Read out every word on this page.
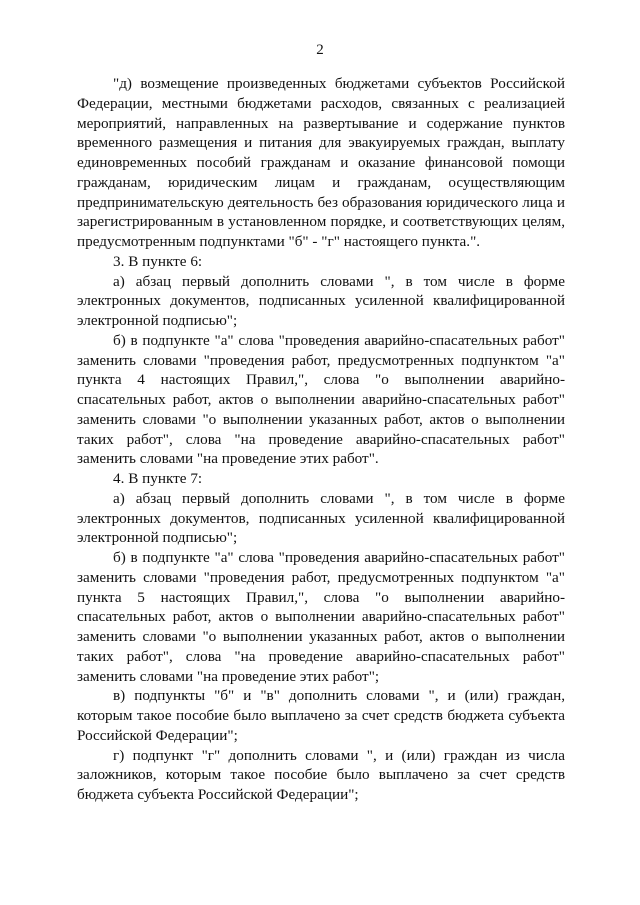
2

"д) возмещение произведенных бюджетами субъектов Российской Федерации, местными бюджетами расходов, связанных с реализацией мероприятий, направленных на развертывание и содержание пунктов временного размещения и питания для эвакуируемых граждан, выплату единовременных пособий гражданам и оказание финансовой помощи гражданам, юридическим лицам и гражданам, осуществляющим предпринимательскую деятельность без образования юридического лица и зарегистрированным в установленном порядке, и соответствующих целям, предусмотренным подпунктами "б" - "г" настоящего пункта.".

3. В пункте 6:

а) абзац первый дополнить словами ", в том числе в форме электронных документов, подписанных усиленной квалифицированной электронной подписью";

б) в подпункте "а" слова "проведения аварийно-спасательных работ" заменить словами "проведения работ, предусмотренных подпунктом "а" пункта 4 настоящих Правил,", слова "о выполнении аварийно-спасательных работ, актов о выполнении аварийно-спасательных работ" заменить словами "о выполнении указанных работ, актов о выполнении таких работ", слова "на проведение аварийно-спасательных работ" заменить словами "на проведение этих работ".

4. В пункте 7:

а) абзац первый дополнить словами ", в том числе в форме электронных документов, подписанных усиленной квалифицированной электронной подписью";

б) в подпункте "а" слова "проведения аварийно-спасательных работ" заменить словами "проведения работ, предусмотренных подпунктом "а" пункта 5 настоящих Правил,", слова "о выполнении аварийно-спасательных работ, актов о выполнении аварийно-спасательных работ" заменить словами "о выполнении указанных работ, актов о выполнении таких работ", слова "на проведение аварийно-спасательных работ" заменить словами "на проведение этих работ";

в) подпункты "б" и "в" дополнить словами ", и (или) граждан, которым такое пособие было выплачено за счет средств бюджета субъекта Российской Федерации";

г) подпункт "г" дополнить словами ", и (или) граждан из числа заложников, которым такое пособие было выплачено за счет средств бюджета субъекта Российской Федерации";
